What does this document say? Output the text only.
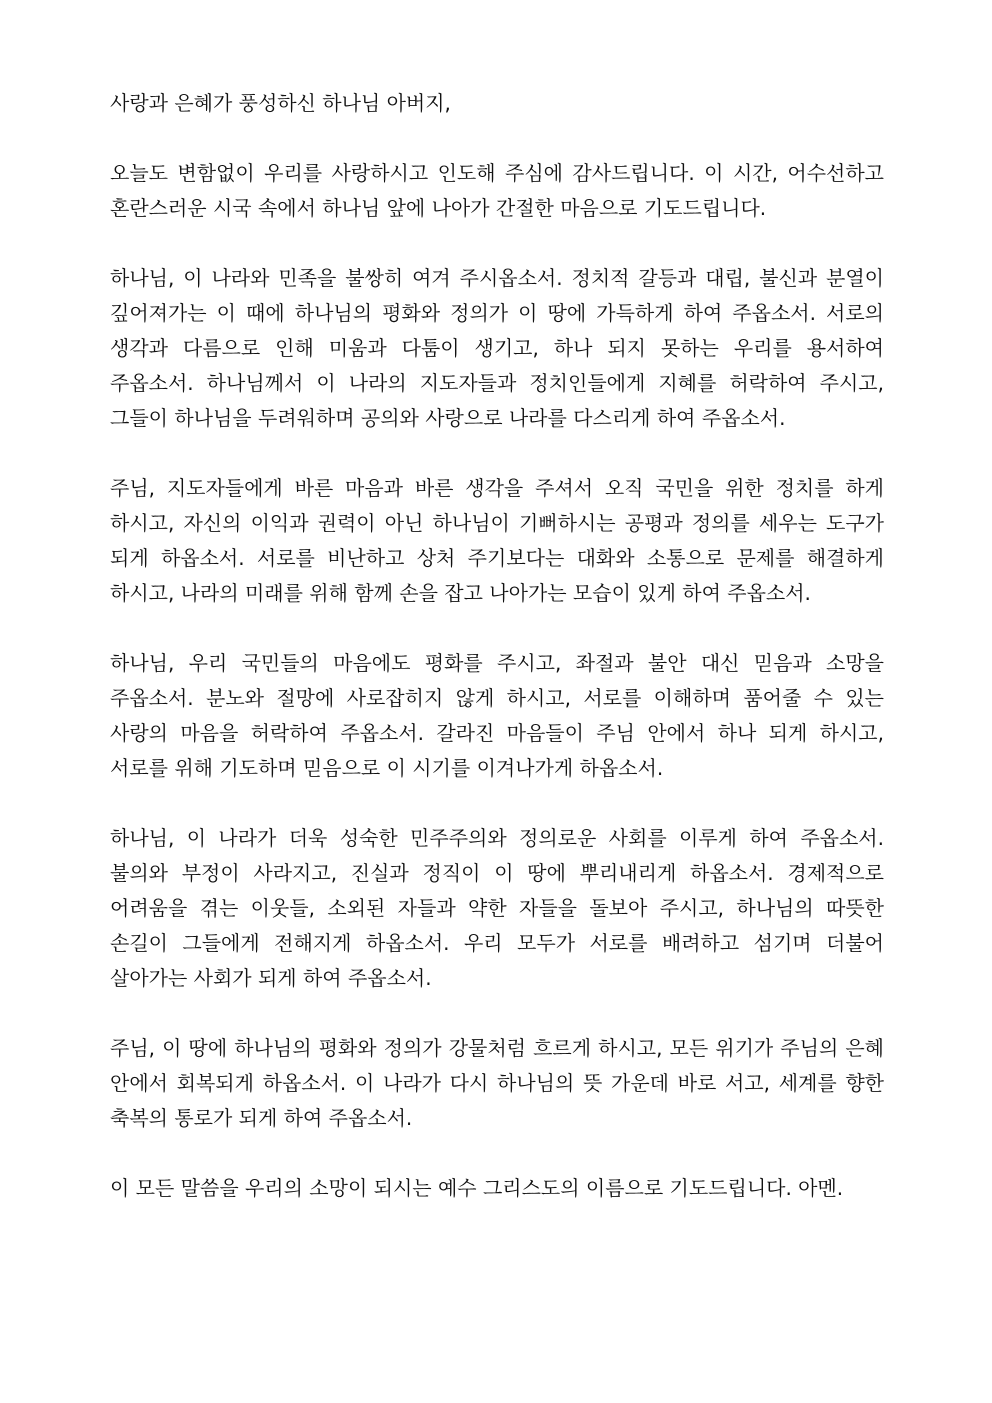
사랑과 은혜가 풍성하신 하나님 아버지,

오늘도 변함없이 우리를 사랑하시고 인도해 주심에 감사드립니다. 이 시간, 어수선하고 혼란스러운 시국 속에서 하나님 앞에 나아가 간절한 마음으로 기도드립니다.

하나님, 이 나라와 민족을 불쌍히 여겨 주시옵소서. 정치적 갈등과 대립, 불신과 분열이 깊어져가는 이 때에 하나님의 평화와 정의가 이 땅에 가득하게 하여 주옵소서. 서로의 생각과 다름으로 인해 미움과 다툼이 생기고, 하나 되지 못하는 우리를 용서하여 주옵소서. 하나님께서 이 나라의 지도자들과 정치인들에게 지혜를 허락하여 주시고, 그들이 하나님을 두려워하며 공의와 사랑으로 나라를 다스리게 하여 주옵소서.

주님, 지도자들에게 바른 마음과 바른 생각을 주셔서 오직 국민을 위한 정치를 하게 하시고, 자신의 이익과 권력이 아닌 하나님이 기뻐하시는 공평과 정의를 세우는 도구가 되게 하옵소서. 서로를 비난하고 상처 주기보다는 대화와 소통으로 문제를 해결하게 하시고, 나라의 미래를 위해 함께 손을 잡고 나아가는 모습이 있게 하여 주옵소서.

하나님, 우리 국민들의 마음에도 평화를 주시고, 좌절과 불안 대신 믿음과 소망을 주옵소서. 분노와 절망에 사로잡히지 않게 하시고, 서로를 이해하며 품어줄 수 있는 사랑의 마음을 허락하여 주옵소서. 갈라진 마음들이 주님 안에서 하나 되게 하시고, 서로를 위해 기도하며 믿음으로 이 시기를 이겨나가게 하옵소서.

하나님, 이 나라가 더욱 성숙한 민주주의와 정의로운 사회를 이루게 하여 주옵소서. 불의와 부정이 사라지고, 진실과 정직이 이 땅에 뿌리내리게 하옵소서. 경제적으로 어려움을 겪는 이웃들, 소외된 자들과 약한 자들을 돌보아 주시고, 하나님의 따뜻한 손길이 그들에게 전해지게 하옵소서. 우리 모두가 서로를 배려하고 섬기며 더불어 살아가는 사회가 되게 하여 주옵소서.

주님, 이 땅에 하나님의 평화와 정의가 강물처럼 흐르게 하시고, 모든 위기가 주님의 은혜 안에서 회복되게 하옵소서. 이 나라가 다시 하나님의 뜻 가운데 바로 서고, 세계를 향한 축복의 통로가 되게 하여 주옵소서.

이 모든 말씀을 우리의 소망이 되시는 예수 그리스도의 이름으로 기도드립니다. 아멘.
